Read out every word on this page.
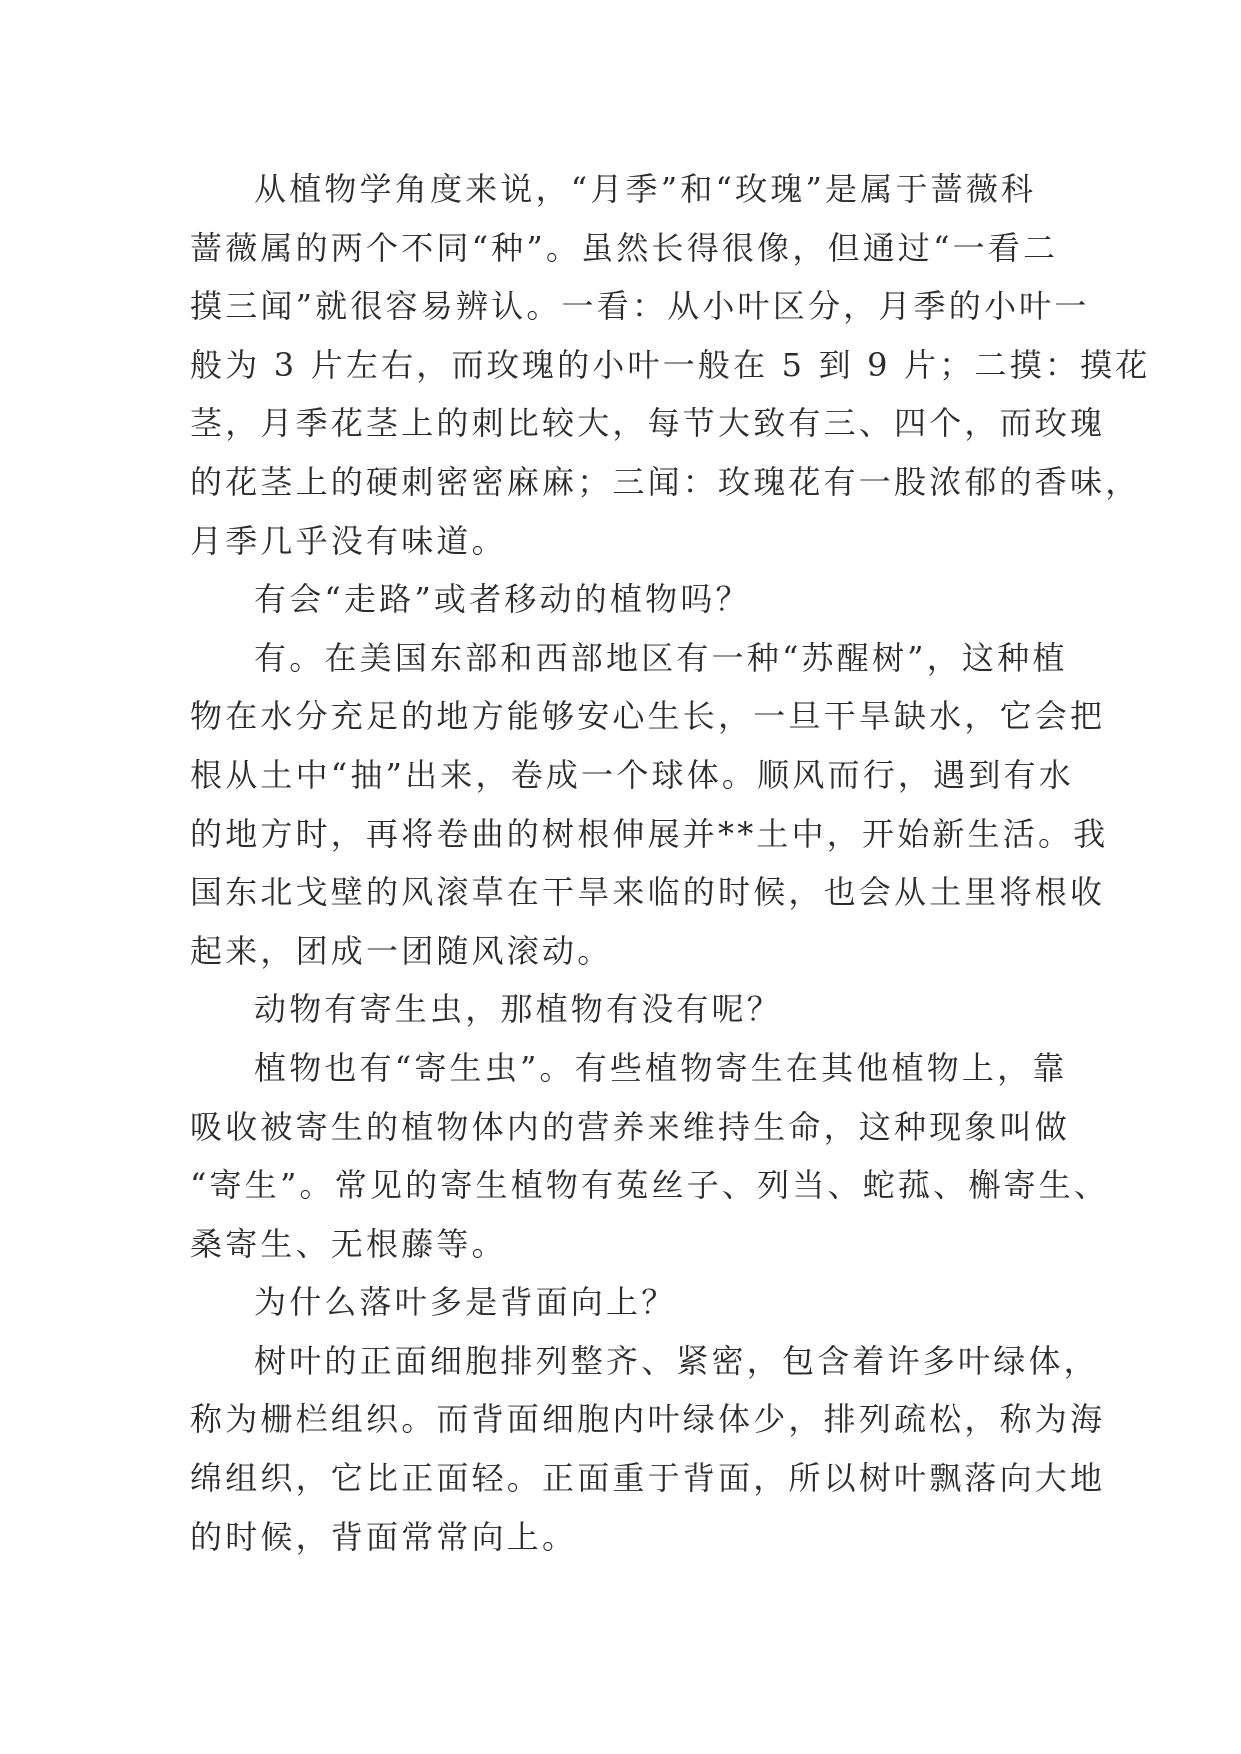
从植物学角度来说，“月季”和“玫瑰”是属于蔷薇科
蔷薇属的两个不同“种”。虽然长得很像，但通过“一看二
摸三闻”就很容易辨认。一看：从小叶区分，月季的小叶一
般为 3 片左右，而玫瑰的小叶一般在 5 到 9 片；二摸：摸花
茎，月季花茎上的刺比较大，每节大致有三、四个，而玫瑰
的花茎上的硬刺密密麻麻；三闻：玫瑰花有一股浓郁的香味，
月季几乎没有味道。
有会“走路”或者移动的植物吗？
有。在美国东部和西部地区有一种“苏醒树”，这种植
物在水分充足的地方能够安心生长，一旦干旱缺水，它会把
根从土中“抽”出来，卷成一个球体。顺风而行，遇到有水
的地方时，再将卷曲的树根伸展并**土中，开始新生活。我
国东北戈壁的风滚草在干旱来临的时候，也会从土里将根收
起来，团成一团随风滚动。
动物有寄生虫，那植物有没有呢？
植物也有“寄生虫”。有些植物寄生在其他植物上，靠
吸收被寄生的植物体内的营养来维持生命，这种现象叫做
“寄生”。常见的寄生植物有菟丝子、列当、蛇菰、槲寄生、
桑寄生、无根藤等。
为什么落叶多是背面向上？
树叶的正面细胞排列整齐、紧密，包含着许多叶绿体，
称为栅栏组织。而背面细胞内叶绿体少，排列疏松，称为海
绵组织，它比正面轻。正面重于背面，所以树叶飘落向大地
的时候，背面常常向上。
